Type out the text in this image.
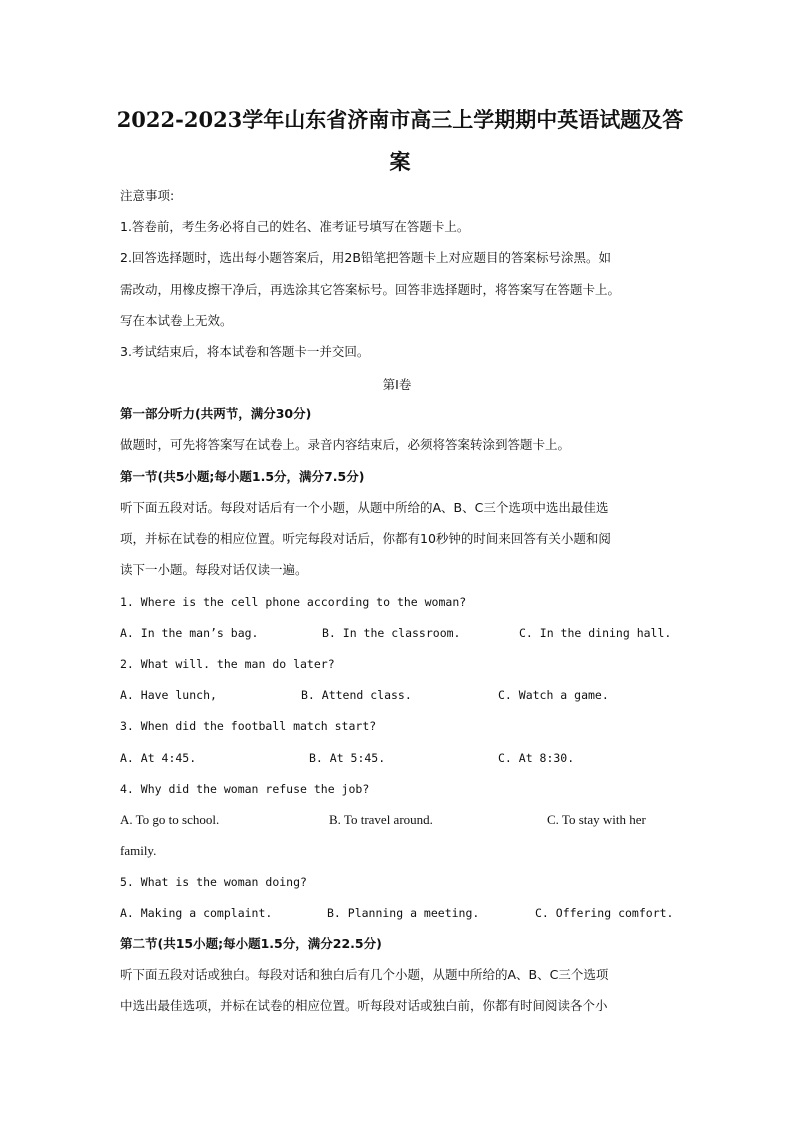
2022-2023学年山东省济南市高三上学期期中英语试题及答
案
注意事项:
1.答卷前，考生务必将自己的姓名、准考证号填写在答题卡上。
2.回答选择题时，选出每小题答案后，用2B铅笔把答题卡上对应题目的答案标号涂黑。如
需改动，用橡皮擦干净后，再选涂其它答案标号。回答非选择题时，将答案写在答题卡上。
写在本试卷上无效。
3.考试结束后，将本试卷和答题卡一并交回。
第I卷
第一部分听力(共两节，满分30分)
做题时，可先将答案写在试卷上。录音内容结束后，必须将答案转涂到答题卡上。
第一节(共5小题;每小题1.5分，满分7.5分)
听下面五段对话。每段对话后有一个小题，从题中所给的A、B、C三个选项中选出最佳选
项，并标在试卷的相应位置。听完每段对话后，你都有10秒钟的时间来回答有关小题和阅
读下一小题。每段对话仅读一遍。
1. Where is the cell phone according to the woman?
A. In the man’s bag.	B. In the classroom.	C. In the dining hall.
2. What will. the man do later?
A. Have lunch,	B. Attend class.	C. Watch a game.
3. When did the football match start?
A. At 4:45.	B. At 5:45.	C. At 8:30.
4. Why did the woman refuse the job?
A. To go to school.	B. To travel around.	C. To stay with her
family.
5. What is the woman doing?
A. Making a complaint.	B. Planning a meeting.	C. Offering comfort.
第二节(共15小题;每小题1.5分，满分22.5分)
听下面五段对话或独白。每段对话和独白后有几个小题，从题中所给的A、B、C三个选项
中选出最佳选项，并标在试卷的相应位置。听每段对话或独白前，你都有时间阅读各个小
